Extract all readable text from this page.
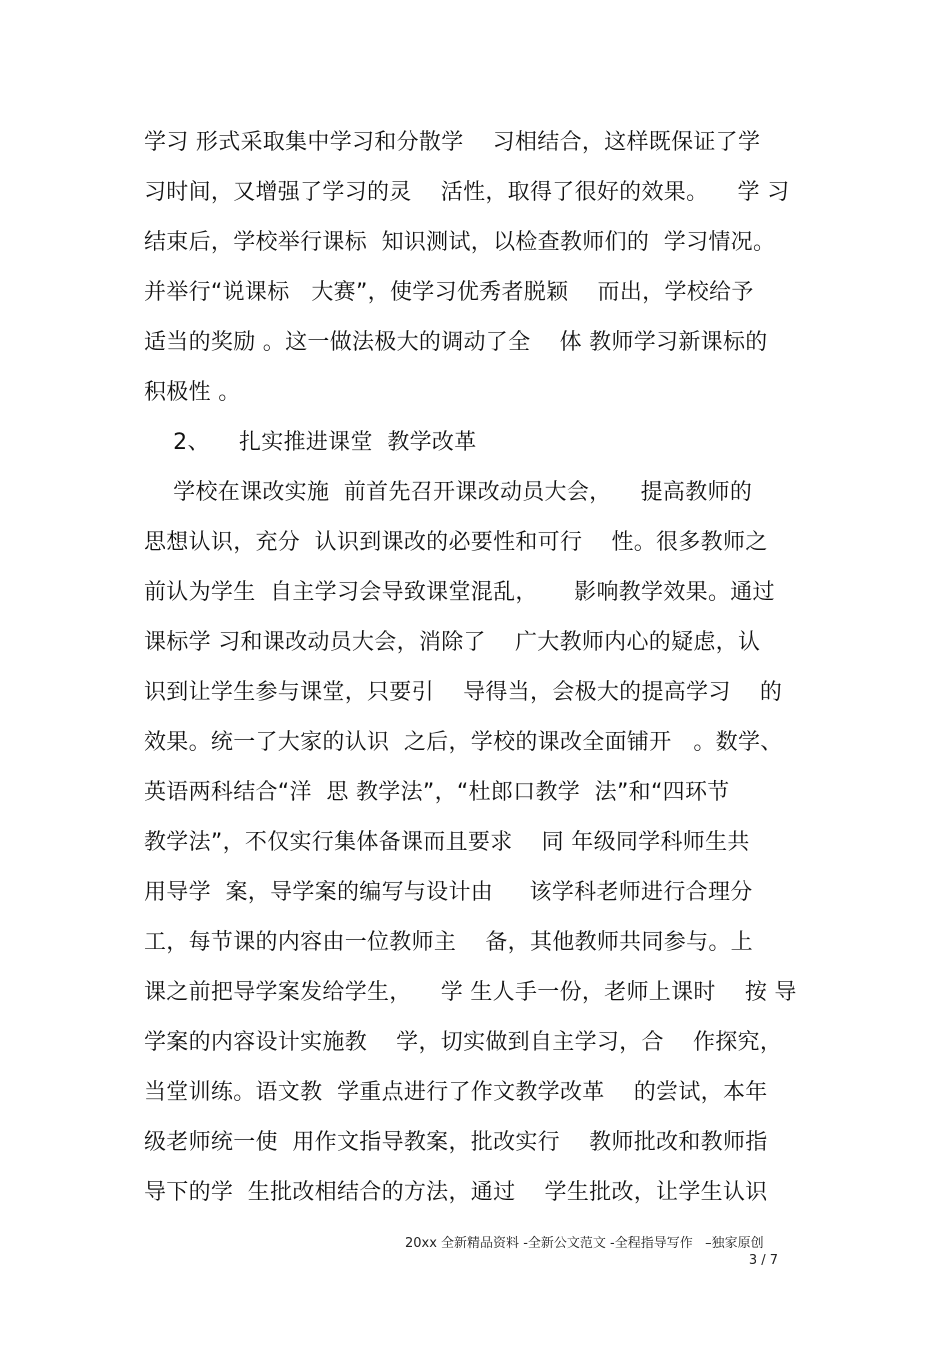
学习 形式采取集中学习和分散学    习相结合，这样既保证了学
习时间，又增强了学习的灵    活性，取得了很好的效果。    学 习
结束后，学校举行课标  知识测试，以检查教师们的  学习情况。
并举行“说课标   大赛”，使学习优秀者脱颖    而出，学校给予
适当的奖励 。这一做法极大的调动了全    体 教师学习新课标的
积极性 。
2、    扎实推进课堂  教学改革
学校在课改实施  前首先召开课改动员大会，    提高教师的
思想认识，充分  认识到课改的必要性和可行    性。很多教师之
前认为学生  自主学习会导致课堂混乱，     影响教学效果。通过
课标学 习和课改动员大会，消除了    广大教师内心的疑虑，认
识到让学生参与课堂，只要引    导得当，会极大的提高学习    的
效果。统一了大家的认识  之后，学校的课改全面铺开   。数学、
英语两科结合“洋  思 教学法”，“杜郎口教学  法”和“四环节
教学法”，不仅实行集体备课而且要求    同 年级同学科师生共
用导学  案，导学案的编写与设计由     该学科老师进行合理分
工，每节课的内容由一位教师主    备，其他教师共同参与。上
课之前把导学案发给学生，    学 生人手一份，老师上课时    按 导
学案的内容设计实施教    学，切实做到自主学习，合    作探究，
当堂训练。语文教  学重点进行了作文教学改革    的尝试，本年
级老师统一使  用作文指导教案，批改实行    教师批改和教师指
导下的学  生批改相结合的方法，通过    学生批改，让学生认识
20xx 全新精品资料 -全新公文范文 -全程指导写作   –独家原创
3 / 7
